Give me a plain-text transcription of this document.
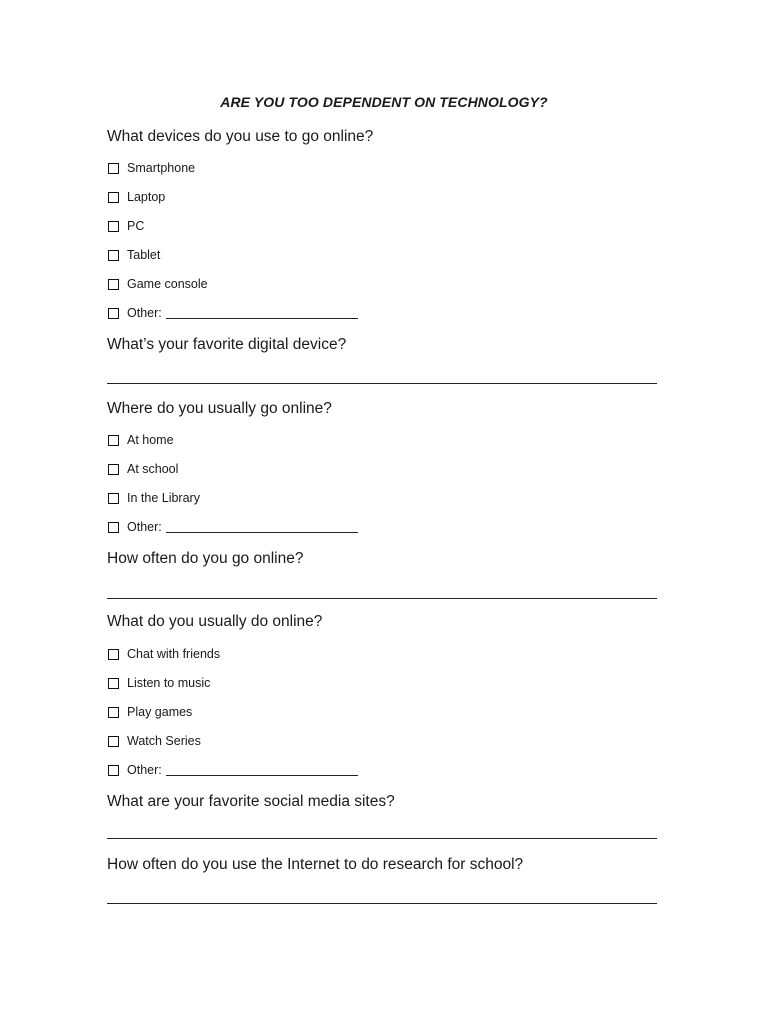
ARE YOU TOO DEPENDENT ON TECHNOLOGY?
What devices do you use to go online?
Smartphone
Laptop
PC
Tablet
Game console
Other:
What’s your favorite digital device?
Where do you usually go online?
At home
At school
In the Library
Other:
How often do you go online?
What do you usually do online?
Chat with friends
Listen to music
Play games
Watch Series
Other:
What are your favorite social media sites?
How often do you use the Internet to do research for school?
